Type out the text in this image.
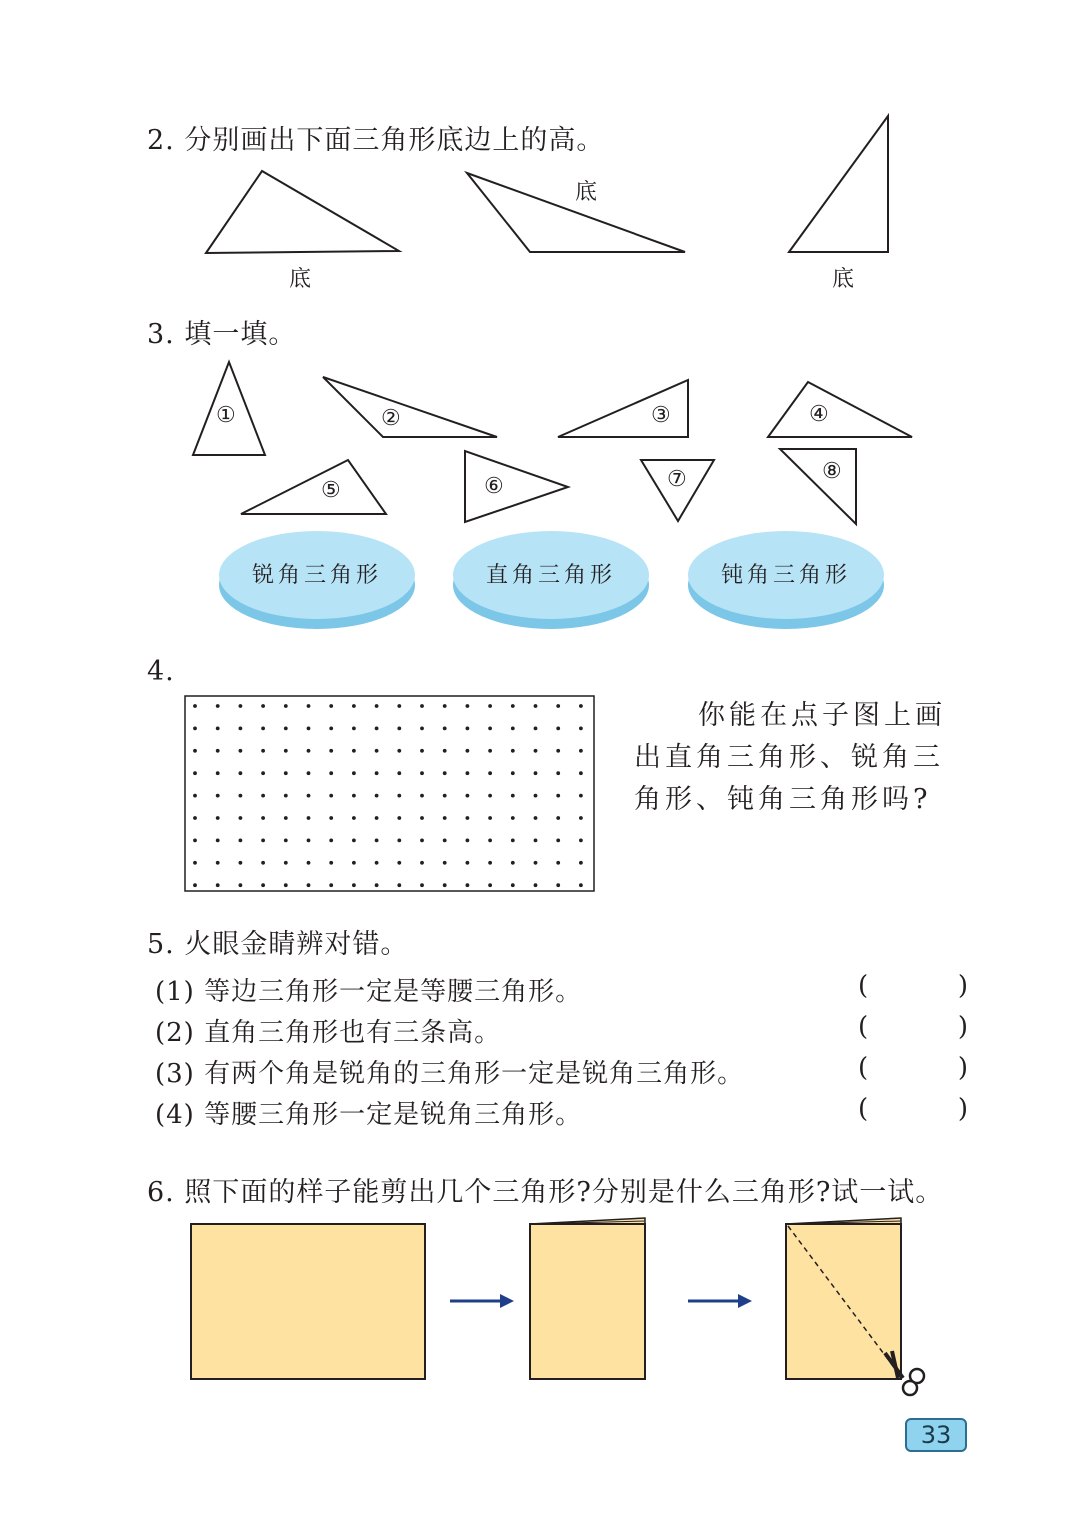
2. 分别画出下面三角形底边上的高。
底
底
底
3. 填一填。
①	②	③	④
⑤	⑥	⑦	⑧
锐角三角形	直角三角形	钝角三角形
4.
你能在点子图上画出直角三角形、锐角三角形、钝角三角形吗?
5. 火眼金睛辨对错。
(1) 等边三角形一定是等腰三角形。	(	)
(2) 直角三角形也有三条高。	(	)
(3) 有两个角是锐角的三角形一定是锐角三角形。	(	)
(4) 等腰三角形一定是锐角三角形。	(	)
6. 照下面的样子能剪出几个三角形?分别是什么三角形?试一试。
33
